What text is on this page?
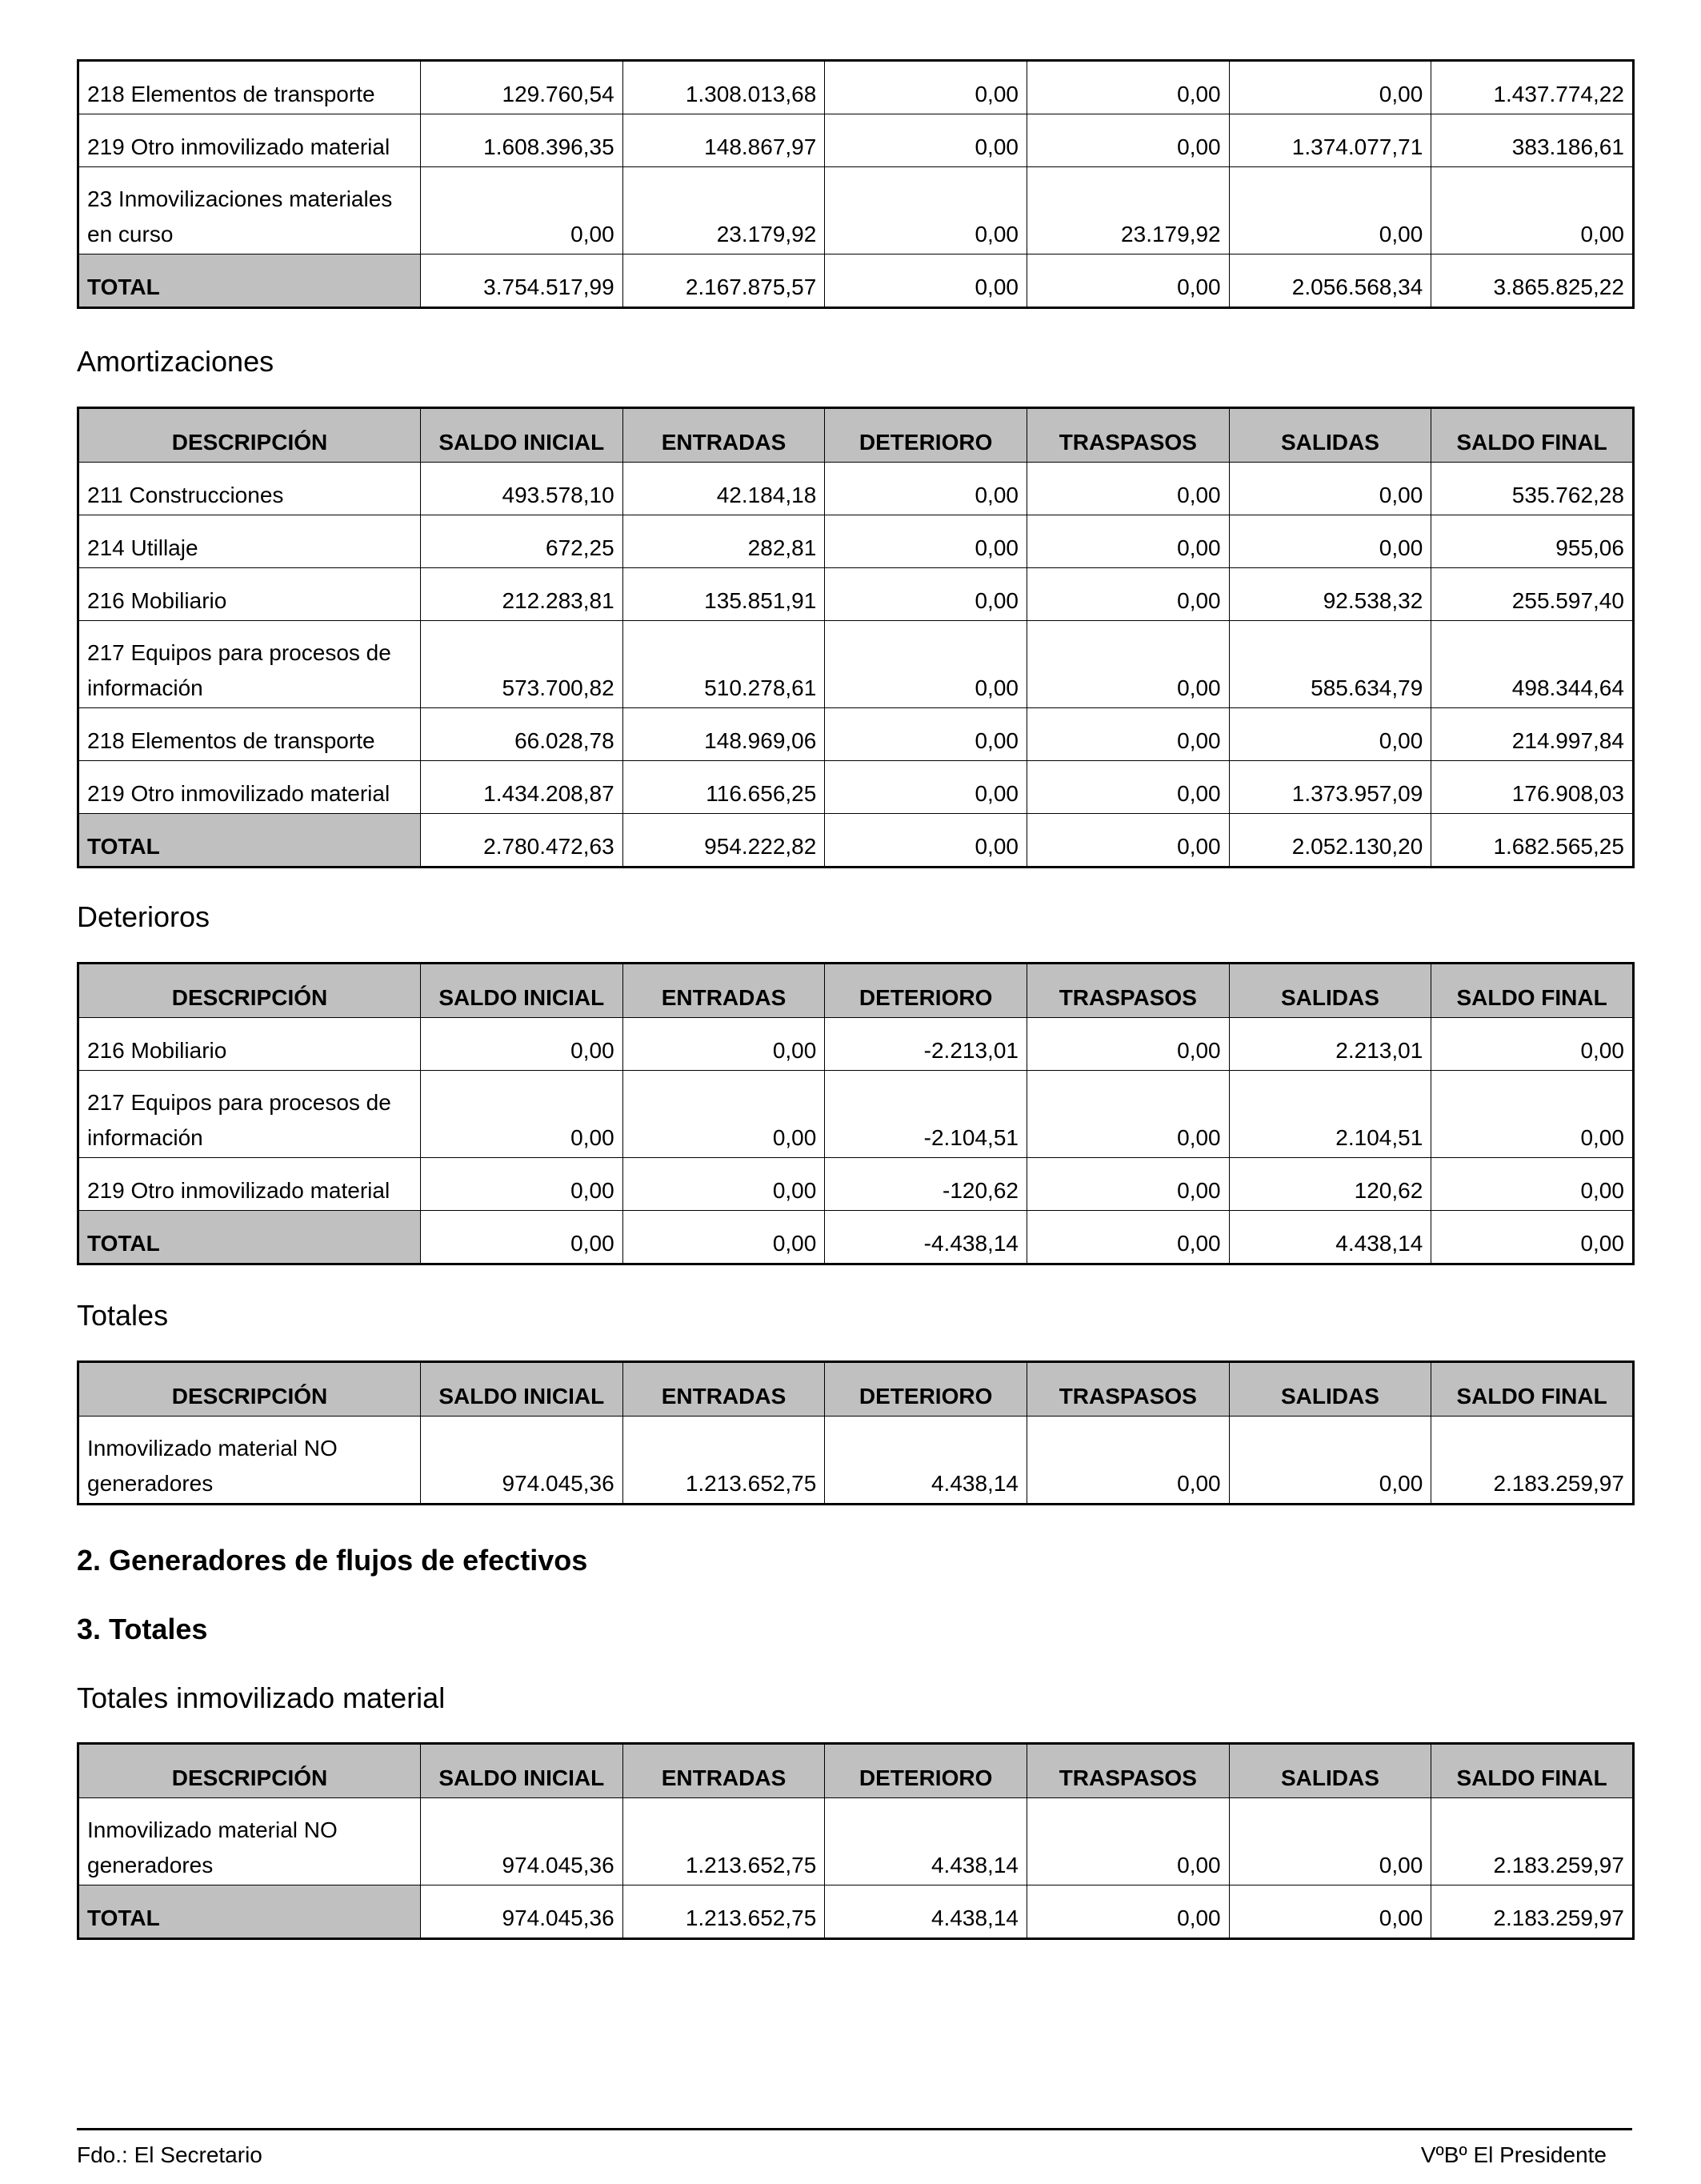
218 Elementos de transporte	129.760,54	1.308.013,68	0,00	0,00	0,00	1.437.774,22
219 Otro inmovilizado material	1.608.396,35	148.867,97	0,00	0,00	1.374.077,71	383.186,61
23 Inmovilizaciones materiales en curso	0,00	23.179,92	0,00	23.179,92	0,00	0,00
TOTAL	3.754.517,99	2.167.875,57	0,00	0,00	2.056.568,34	3.865.825,22

Amortizaciones

DESCRIPCIÓN	SALDO INICIAL	ENTRADAS	DETERIORO	TRASPASOS	SALIDAS	SALDO FINAL
211 Construcciones	493.578,10	42.184,18	0,00	0,00	0,00	535.762,28
214 Utillaje	672,25	282,81	0,00	0,00	0,00	955,06
216 Mobiliario	212.283,81	135.851,91	0,00	0,00	92.538,32	255.597,40
217 Equipos para procesos de información	573.700,82	510.278,61	0,00	0,00	585.634,79	498.344,64
218 Elementos de transporte	66.028,78	148.969,06	0,00	0,00	0,00	214.997,84
219 Otro inmovilizado material	1.434.208,87	116.656,25	0,00	0,00	1.373.957,09	176.908,03
TOTAL	2.780.472,63	954.222,82	0,00	0,00	2.052.130,20	1.682.565,25

Deterioros

DESCRIPCIÓN	SALDO INICIAL	ENTRADAS	DETERIORO	TRASPASOS	SALIDAS	SALDO FINAL
216 Mobiliario	0,00	0,00	-2.213,01	0,00	2.213,01	0,00
217 Equipos para procesos de información	0,00	0,00	-2.104,51	0,00	2.104,51	0,00
219 Otro inmovilizado material	0,00	0,00	-120,62	0,00	120,62	0,00
TOTAL	0,00	0,00	-4.438,14	0,00	4.438,14	0,00

Totales

DESCRIPCIÓN	SALDO INICIAL	ENTRADAS	DETERIORO	TRASPASOS	SALIDAS	SALDO FINAL
Inmovilizado material NO generadores	974.045,36	1.213.652,75	4.438,14	0,00	0,00	2.183.259,97
2. Generadores de flujos de efectivos
3. Totales

Totales inmovilizado material

DESCRIPCIÓN	SALDO INICIAL	ENTRADAS	DETERIORO	TRASPASOS	SALIDAS	SALDO FINAL
Inmovilizado material NO generadores	974.045,36	1.213.652,75	4.438,14	0,00	0,00	2.183.259,97
TOTAL	974.045,36	1.213.652,75	4.438,14	0,00	0,00	2.183.259,97
Fdo.: El Secretario	VºBº El Presidente
